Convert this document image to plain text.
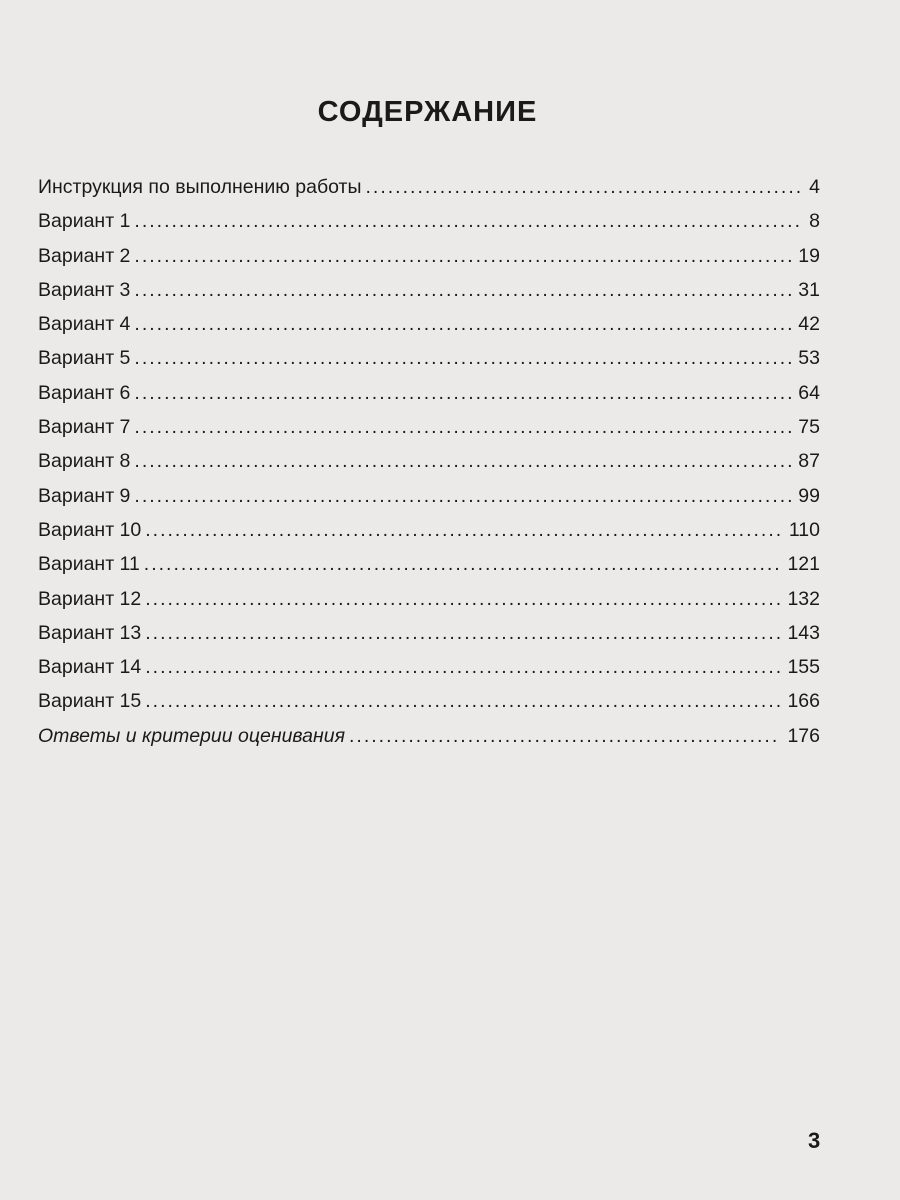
СОДЕРЖАНИЕ
Инструкция по выполнению работы .....	4
Вариант 1 .....	8
Вариант 2 .....	19
Вариант 3 .....	31
Вариант 4 .....	42
Вариант 5 .....	53
Вариант 6 .....	64
Вариант 7 .....	75
Вариант 8 .....	87
Вариант 9 .....	99
Вариант 10 .....	110
Вариант 11 .....	121
Вариант 12 .....	132
Вариант 13 .....	143
Вариант 14 .....	155
Вариант 15 .....	166
Ответы и критерии оценивания .....	176
3
